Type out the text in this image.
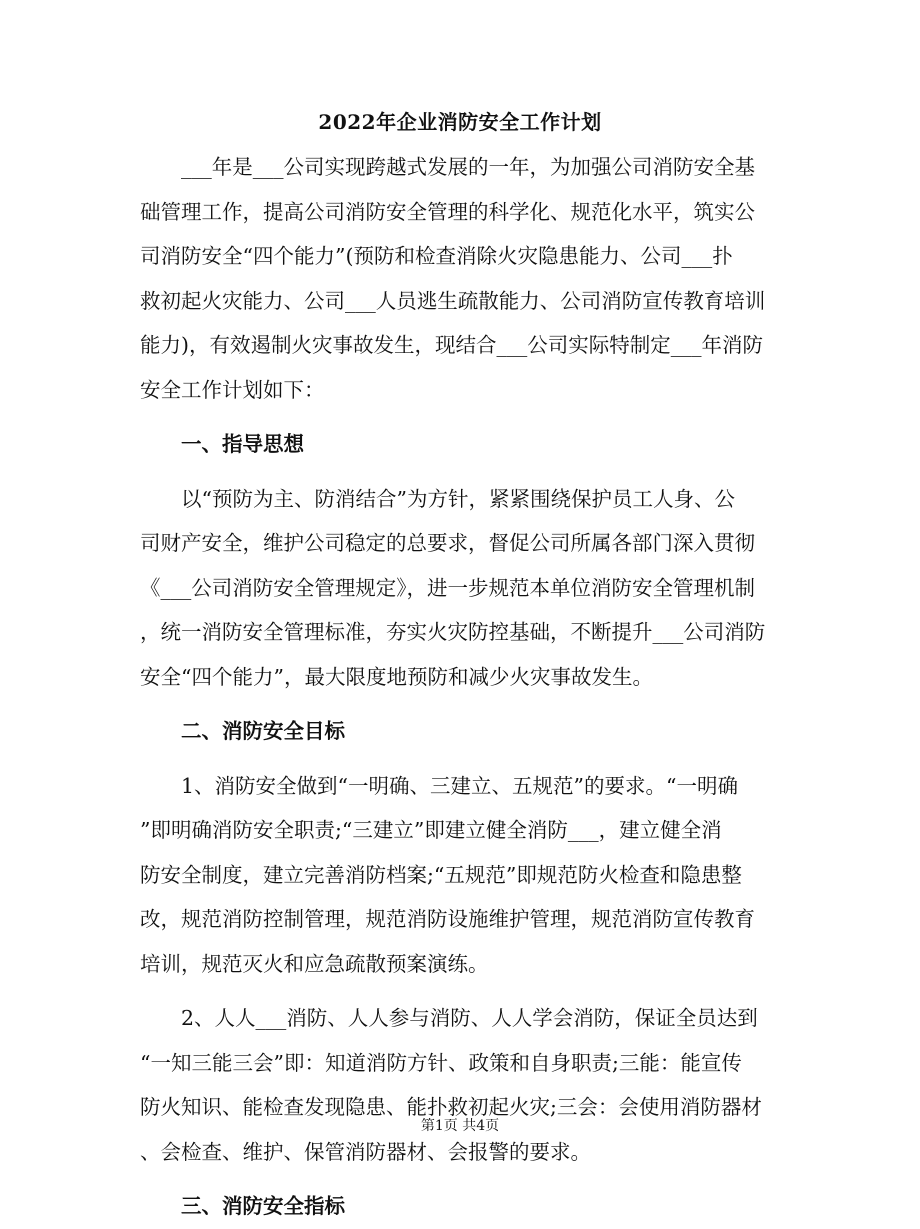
2022年企业消防安全工作计划
___年是___公司实现跨越式发展的一年，为加强公司消防安全基
础管理工作，提高公司消防安全管理的科学化、规范化水平，筑实公
司消防安全“四个能力”(预防和检查消除火灾隐患能力、公司___扑
救初起火灾能力、公司___人员逃生疏散能力、公司消防宣传教育培训
能力)，有效遏制火灾事故发生，现结合___公司实际特制定___年消防
安全工作计划如下：
一、指导思想
以“预防为主、防消结合”为方针，紧紧围绕保护员工人身、公
司财产安全，维护公司稳定的总要求，督促公司所属各部门深入贯彻
《___公司消防安全管理规定》，进一步规范本单位消防安全管理机制
，统一消防安全管理标准，夯实火灾防控基础，不断提升___公司消防
安全“四个能力”，最大限度地预防和减少火灾事故发生。
二、消防安全目标
1、消防安全做到“一明确、三建立、五规范”的要求。“一明确
”即明确消防安全职责;“三建立”即建立健全消防___，建立健全消
防安全制度，建立完善消防档案;“五规范”即规范防火检查和隐患整
改，规范消防控制管理，规范消防设施维护管理，规范消防宣传教育
培训，规范灭火和应急疏散预案演练。
2、人人___消防、人人参与消防、人人学会消防，保证全员达到
“一知三能三会”即：知道消防方针、政策和自身职责;三能：能宣传
防火知识、能检查发现隐患、能扑救初起火灾;三会：会使用消防器材
、会检查、维护、保管消防器材、会报警的要求。
三、消防安全指标
第1页 共4页
